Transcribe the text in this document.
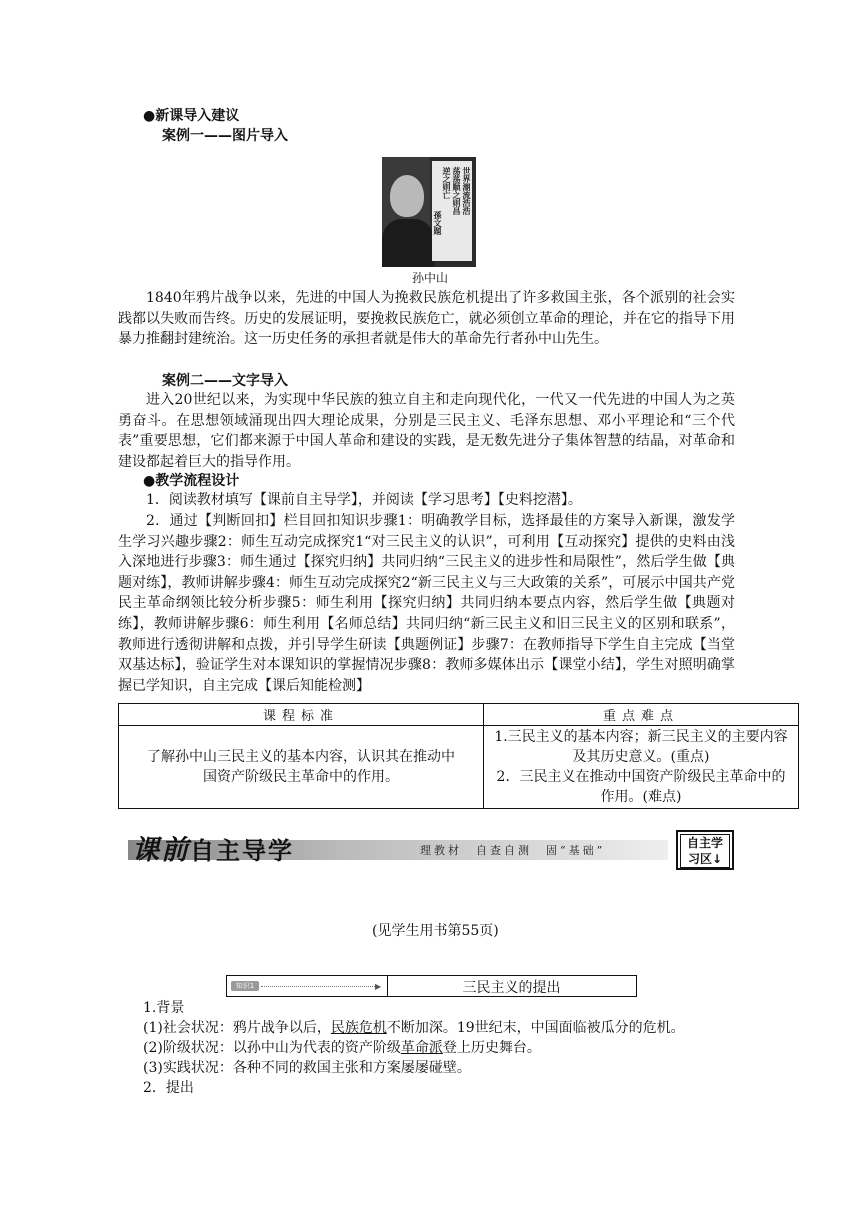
●新课导入建议
案例一——图片导入
世界潮流浩浩
荡荡顺之则昌
逆之则亡
孫文題
孙中山

1840年鸦片战争以来，先进的中国人为挽救民族危机提出了许多救国主张，各个派别的社会实践都以失败而告终。历史的发展证明，要挽救民族危亡，就必须创立革命的理论，并在它的指导下用暴力推翻封建统治。这一历史任务的承担者就是伟大的革命先行者孙中山先生。

案例二——文字导入

进入20世纪以来，为实现中华民族的独立自主和走向现代化，一代又一代先进的中国人为之英勇奋斗。在思想领域涌现出四大理论成果，分别是三民主义、毛泽东思想、邓小平理论和“三个代表”重要思想，它们都来源于中国人革命和建设的实践，是无数先进分子集体智慧的结晶，对革命和建设都起着巨大的指导作用。

●教学流程设计

1．阅读教材填写【课前自主导学】，并阅读【学习思考】【史料挖潜】。

2．通过【判断回扣】栏目回扣知识步骤1：明确教学目标，选择最佳的方案导入新课，激发学生学习兴趣步骤2：师生互动完成探究1“对三民主义的认识”，可利用【互动探究】提供的史料由浅入深地进行步骤3：师生通过【探究归纳】共同归纳“三民主义的进步性和局限性”，然后学生做【典题对练】，教师讲解步骤4：师生互动完成探究2“新三民主义与三大政策的关系”，可展示中国共产党民主革命纲领比较分析步骤5：师生利用【探究归纳】共同归纳本要点内容，然后学生做【典题对练】，教师讲解步骤6：师生利用【名师总结】共同归纳“新三民主义和旧三民主义的区别和联系”，教师进行透彻讲解和点拨，并引导学生研读【典题例证】步骤7：在教师指导下学生自主完成【当堂双基达标】，验证学生对本课知识的掌握情况步骤8：教师多媒体出示【课堂小结】，学生对照明确掌握已学知识，自主完成【课后知能检测】

课程标准	重点难点
了解孙中山三民主义的基本内容，认识其在推动中国资产阶级民主革命中的作用。	1.三民主义的基本内容；新三民主义的主要内容及其历史意义。(重点)
2．三民主义在推动中国资产阶级民主革命中的作用。(难点)
课前自主导学	理教材　自查自测　固“基础”
自主学
习区↓
(见学生用书第55页)
知识1	▶	三民主义的提出
1.背景
(1)社会状况：鸦片战争以后，民族危机不断加深。19世纪末，中国面临被瓜分的危机。
(2)阶级状况：以孙中山为代表的资产阶级革命派登上历史舞台。
(3)实践状况：各种不同的救国主张和方案屡屡碰壁。
2．提出
